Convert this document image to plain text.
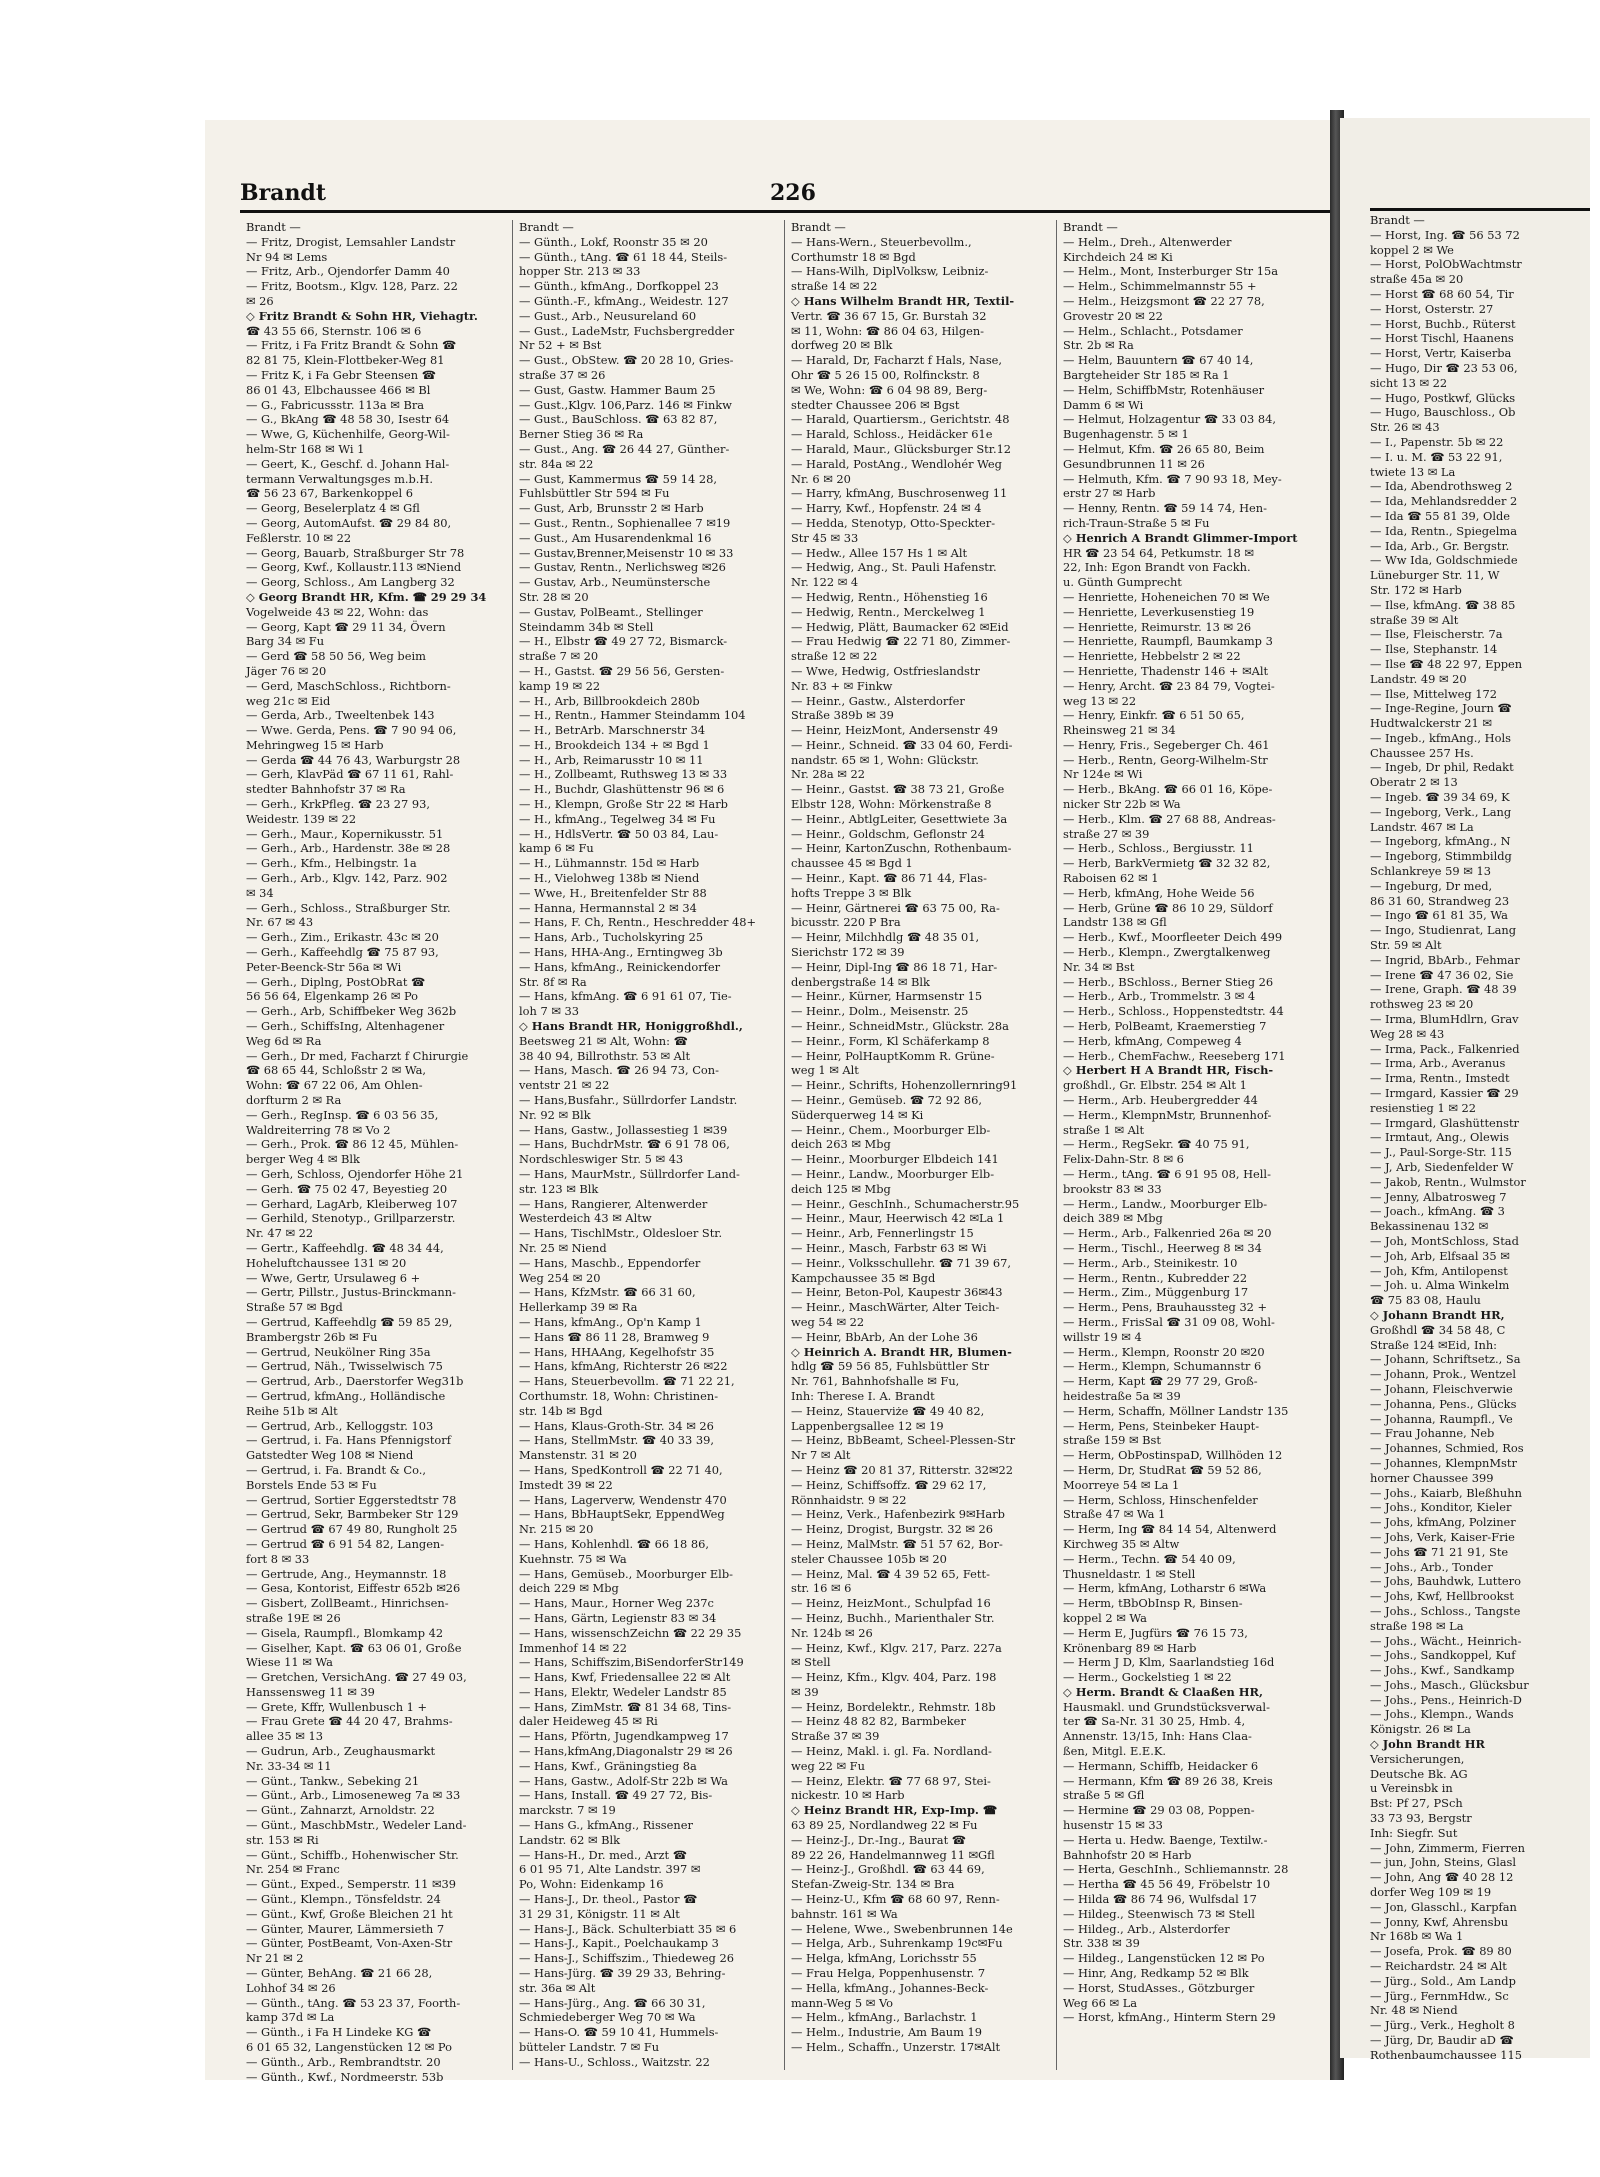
Brandt	226
Brandt —
— Fritz, Drogist, Lemsahler Landstr
Nr 94 ✉ Lems
— Fritz, Arb., Ojendorfer Damm 40
— Fritz, Bootsm., Klgv. 128, Parz. 22
✉ 26
◇ Fritz Brandt & Sohn HR, Viehagtr.
☎ 43 55 66, Sternstr. 106 ✉ 6
— Fritz, i Fa Fritz Brandt & Sohn ☎
82 81 75, Klein-Flottbeker-Weg 81
— Fritz K, i Fa Gebr Steensen ☎
86 01 43, Elbchaussee 466 ✉ Bl
— G., Fabricussstr. 113a ✉ Bra
— G., BkAng ☎ 48 58 30, Isestr 64
— Wwe, G, Küchenhilfe, Georg-Wil-
helm-Str 168 ✉ Wi 1
— Geert, K., Geschf. d. Johann Hal-
termann Verwaltungsges m.b.H.
☎ 56 23 67, Barkenkoppel 6
— Georg, Beselerplatz 4 ✉ Gfl
— Georg, AutomAufst. ☎ 29 84 80,
Feßlerstr. 10 ✉ 22
— Georg, Bauarb, Straßburger Str 78
— Georg, Kwf., Kollaustr.113 ✉Niend
— Georg, Schloss., Am Langberg 32
◇ Georg Brandt HR, Kfm. ☎ 29 29 34
Vogelweide 43 ✉ 22, Wohn: das
— Georg, Kapt ☎ 29 11 34, Övern
Barg 34 ✉ Fu
— Gerd ☎ 58 50 56, Weg beim
Jäger 76 ✉ 20
— Gerd, MaschSchloss., Richtborn-
weg 21c ✉ Eid
— Gerda, Arb., Tweeltenbek 143
— Wwe. Gerda, Pens. ☎ 7 90 94 06,
Mehringweg 15 ✉ Harb
— Gerda ☎ 44 76 43, Warburgstr 28
— Gerh, KlavPäd ☎ 67 11 61, Rahl-
stedter Bahnhofstr 37 ✉ Ra
— Gerh., KrkPfleg. ☎ 23 27 93,
Weidestr. 139 ✉ 22
— Gerh., Maur., Kopernikusstr. 51
— Gerh., Arb., Hardenstr. 38e ✉ 28
— Gerh., Kfm., Helbingstr. 1a
— Gerh., Arb., Klgv. 142, Parz. 902
✉ 34
— Gerh., Schloss., Straßburger Str.
Nr. 67 ✉ 43
— Gerh., Zim., Erikastr. 43c ✉ 20
— Gerh., Kaffeehdlg ☎ 75 87 93,
Peter-Beenck-Str 56a ✉ Wi
— Gerh., Diplng, PostObRat ☎
56 56 64, Elgenkamp 26 ✉ Po
— Gerh., Arb, Schiffbeker Weg 362b
— Gerh., SchiffsIng, Altenhagener
Weg 6d ✉ Ra
— Gerh., Dr med, Facharzt f Chirurgie
☎ 68 65 44, Schloßstr 2 ✉ Wa,
Wohn: ☎ 67 22 06, Am Ohlen-
dorfturm 2 ✉ Ra
— Gerh., RegInsp. ☎ 6 03 56 35,
Waldreiterring 78 ✉ Vo 2
— Gerh., Prok. ☎ 86 12 45, Mühlen-
berger Weg 4 ✉ Blk
— Gerh, Schloss, Ojendorfer Höhe 21
— Gerh. ☎ 75 02 47, Beyestieg 20
— Gerhard, LagArb, Kleiberweg 107
— Gerhild, Stenotyp., Grillparzerstr.
Nr. 47 ✉ 22
— Gertr., Kaffeehdlg. ☎ 48 34 44,
Hoheluftchaussee 131 ✉ 20
— Wwe, Gertr, Ursulaweg 6 +
— Gertr, Pillstr., Justus-Brinckmann-
Straße 57 ✉ Bgd
— Gertrud, Kaffeehdlg ☎ 59 85 29,
Brambergstr 26b ✉ Fu
— Gertrud, Neukölner Ring 35a
— Gertrud, Näh., Twisselwisch 75
— Gertrud, Arb., Daerstorfer Weg31b
— Gertrud, kfmAng., Holländische
Reihe 51b ✉ Alt
— Gertrud, Arb., Kelloggstr. 103
— Gertrud, i. Fa. Hans Pfennigstorf
Gatstedter Weg 108 ✉ Niend
— Gertrud, i. Fa. Brandt & Co.,
Borstels Ende 53 ✉ Fu
— Gertrud, Sortier Eggerstedtstr 78
— Gertrud, Sekr, Barmbeker Str 129
— Gertrud ☎ 67 49 80, Rungholt 25
— Gertrud ☎ 6 91 54 82, Langen-
fort 8 ✉ 33
— Gertrude, Ang., Heymannstr. 18
— Gesa, Kontorist, Eiffestr 652b ✉26
— Gisbert, ZollBeamt., Hinrichsen-
straße 19E ✉ 26
— Gisela, Raumpfl., Blomkamp 42
— Giselher, Kapt. ☎ 63 06 01, Große
Wiese 11 ✉ Wa
— Gretchen, VersichAng. ☎ 27 49 03,
Hanssensweg 11 ✉ 39
— Grete, Kffr, Wullenbusch 1 +
— Frau Grete ☎ 44 20 47, Brahms-
allee 35 ✉ 13
— Gudrun, Arb., Zeughausmarkt
Nr. 33-34 ✉ 11
— Günt., Tankw., Sebeking 21
— Günt., Arb., Limoseneweg 7a ✉ 33
— Günt., Zahnarzt, Arnoldstr. 22
— Günt., MaschbMstr., Wedeler Land-
str. 153 ✉ Ri
— Günt., Schiffb., Hohenwischer Str.
Nr. 254 ✉ Franc
— Günt., Exped., Semperstr. 11 ✉39
— Günt., Klempn., Tönsfeldstr. 24
— Günt., Kwf, Große Bleichen 21 ht
— Günter, Maurer, Lämmersieth 7
— Günter, PostBeamt, Von-Axen-Str
Nr 21 ✉ 2
— Günter, BehAng. ☎ 21 66 28,
Lohhof 34 ✉ 26
— Günth., tAng. ☎ 53 23 37, Foorth-
kamp 37d ✉ La
— Günth., i Fa H Lindeke KG ☎
6 01 65 32, Langenstücken 12 ✉ Po
— Günth., Arb., Rembrandtstr. 20
— Günth., Kwf., Nordmeerstr. 53b
Brandt —
— Günth., Lokf, Roonstr 35 ✉ 20
— Günth., tAng. ☎ 61 18 44, Steils-
hopper Str. 213 ✉ 33
— Günth., kfmAng., Dorfkoppel 23
— Günth.-F., kfmAng., Weidestr. 127
— Gust., Arb., Neusureland 60
— Gust., LadeMstr, Fuchsbergredder
Nr 52 + ✉ Bst
— Gust., ObStew. ☎ 20 28 10, Gries-
straße 37 ✉ 26
— Gust, Gastw. Hammer Baum 25
— Gust.,Klgv. 106,Parz. 146 ✉ Finkw
— Gust., BauSchloss. ☎ 63 82 87,
Berner Stieg 36 ✉ Ra
— Gust., Ang. ☎ 26 44 27, Günther-
str. 84a ✉ 22
— Gust, Kammermus ☎ 59 14 28,
Fuhlsbüttler Str 594 ✉ Fu
— Gust, Arb, Brunsstr 2 ✉ Harb
— Gust., Rentn., Sophienallee 7 ✉19
— Gust., Am Husarendenkmal 16
— Gustav,Brenner,Meisenstr 10 ✉ 33
— Gustav, Rentn., Nerlichsweg ✉26
— Gustav, Arb., Neumünstersche
Str. 28 ✉ 20
— Gustav, PolBeamt., Stellinger
Steindamm 34b ✉ Stell
— H., Elbstr ☎ 49 27 72, Bismarck-
straße 7 ✉ 20
— H., Gastst. ☎ 29 56 56, Gersten-
kamp 19 ✉ 22
— H., Arb, Billbrookdeich 280b
— H., Rentn., Hammer Steindamm 104
— H., BetrArb. Marschnerstr 34
— H., Brookdeich 134 + ✉ Bgd 1
— H., Arb, Reimarusstr 10 ✉ 11
— H., Zollbeamt, Ruthsweg 13 ✉ 33
— H., Buchdr, Glashüttenstr 96 ✉ 6
— H., Klempn, Große Str 22 ✉ Harb
— H., kfmAng., Tegelweg 34 ✉ Fu
— H., HdlsVertr. ☎ 50 03 84, Lau-
kamp 6 ✉ Fu
— H., Lühmannstr. 15d ✉ Harb
— H., Vielohweg 138b ✉ Niend
— Wwe, H., Breitenfelder Str 88
— Hanna, Hermannstal 2 ✉ 34
— Hans, F. Ch, Rentn., Heschredder 48+
— Hans, Arb., Tucholskyring 25
— Hans, HHA-Ang., Erntingweg 3b
— Hans, kfmAng., Reinickendorfer
Str. 8f ✉ Ra
— Hans, kfmAng. ☎ 6 91 61 07, Tie-
loh 7 ✉ 33
◇ Hans Brandt HR, Honiggroßhdl.,
Beetsweg 21 ✉ Alt, Wohn: ☎
38 40 94, Billrothstr. 53 ✉ Alt
— Hans, Masch. ☎ 26 94 73, Con-
ventstr 21 ✉ 22
— Hans,Busfahr., Süllrdorfer Landstr.
Nr. 92 ✉ Blk
— Hans, Gastw., Jollassestieg 1 ✉39
— Hans, BuchdrMstr. ☎ 6 91 78 06,
Nordschleswiger Str. 5 ✉ 43
— Hans, MaurMstr., Süllrdorfer Land-
str. 123 ✉ Blk
— Hans, Rangierer, Altenwerder
Westerdeich 43 ✉ Altw
— Hans, TischlMstr., Oldesloer Str.
Nr. 25 ✉ Niend
— Hans, Maschb., Eppendorfer
Weg 254 ✉ 20
— Hans, KfzMstr. ☎ 66 31 60,
Hellerkamp 39 ✉ Ra
— Hans, kfmAng., Op'n Kamp 1
— Hans ☎ 86 11 28, Bramweg 9
— Hans, HHAAng, Kegelhofstr 35
— Hans, kfmAng, Richterstr 26 ✉22
— Hans, Steuerbevollm. ☎ 71 22 21,
Corthumstr. 18, Wohn: Christinen-
str. 14b ✉ Bgd
— Hans, Klaus-Groth-Str. 34 ✉ 26
— Hans, StellmMstr. ☎ 40 33 39,
Manstenstr. 31 ✉ 20
— Hans, SpedKontroll ☎ 22 71 40,
Imstedt 39 ✉ 22
— Hans, Lagerverw, Wendenstr 470
— Hans, BbHauptSekr, EppendWeg
Nr. 215 ✉ 20
— Hans, Kohlenhdl. ☎ 66 18 86,
Kuehnstr. 75 ✉ Wa
— Hans, Gemüseb., Moorburger Elb-
deich 229 ✉ Mbg
— Hans, Maur., Horner Weg 237c
— Hans, Gärtn, Legienstr 83 ✉ 34
— Hans, wissenschZeichn ☎ 22 29 35
Immenhof 14 ✉ 22
— Hans, Schiffszim,BiSendorferStr149
— Hans, Kwf, Friedensallee 22 ✉ Alt
— Hans, Elektr, Wedeler Landstr 85
— Hans, ZimMstr. ☎ 81 34 68, Tins-
daler Heideweg 45 ✉ Ri
— Hans, Pförtn, Jugendkampweg 17
— Hans,kfmAng,Diagonalstr 29 ✉ 26
— Hans, Kwf., Gräningstieg 8a
— Hans, Gastw., Adolf-Str 22b ✉ Wa
— Hans, Install. ☎ 49 27 72, Bis-
marckstr. 7 ✉ 19
— Hans G., kfmAng., Rissener
Landstr. 62 ✉ Blk
— Hans-H., Dr. med., Arzt ☎
6 01 95 71, Alte Landstr. 397 ✉
Po, Wohn: Eidenkamp 16
— Hans-J., Dr. theol., Pastor ☎
31 29 31, Königstr. 11 ✉ Alt
— Hans-J., Bäck. Schulterbiatt 35 ✉ 6
— Hans-J., Kapit., Poelchaukamp 3
— Hans-J., Schiffszim., Thiedeweg 26
— Hans-Jürg. ☎ 39 29 33, Behring-
str. 36a ✉ Alt
— Hans-Jürg., Ang. ☎ 66 30 31,
Schmiedeberger Weg 70 ✉ Wa
— Hans-O. ☎ 59 10 41, Hummels-
bütteler Landstr. 7 ✉ Fu
— Hans-U., Schloss., Waitzstr. 22
Brandt —
— Hans-Wern., Steuerbevollm.,
Corthumstr 18 ✉ Bgd
— Hans-Wilh, DiplVolksw, Leibniz-
straße 14 ✉ 22
◇ Hans Wilhelm Brandt HR, Textil-
Vertr. ☎ 36 67 15, Gr. Burstah 32
✉ 11, Wohn: ☎ 86 04 63, Hilgen-
dorfweg 20 ✉ Blk
— Harald, Dr, Facharzt f Hals, Nase,
Ohr ☎ 5 26 15 00, Rolfinckstr. 8
✉ We, Wohn: ☎ 6 04 98 89, Berg-
stedter Chaussee 206 ✉ Bgst
— Harald, Quartiersm., Gerichtstr. 48
— Harald, Schloss., Heidäcker 61e
— Harald, Maur., Glücksburger Str.12
— Harald, PostAng., Wendlohér Weg
Nr. 6 ✉ 20
— Harry, kfmAng, Buschrosenweg 11
— Harry, Kwf., Hopfenstr. 24 ✉ 4
— Hedda, Stenotyp, Otto-Speckter-
Str 45 ✉ 33
— Hedw., Allee 157 Hs 1 ✉ Alt
— Hedwig, Ang., St. Pauli Hafenstr.
Nr. 122 ✉ 4
— Hedwig, Rentn., Höhenstieg 16
— Hedwig, Rentn., Merckelweg 1
— Hedwig, Plätt, Baumacker 62 ✉Eid
— Frau Hedwig ☎ 22 71 80, Zimmer-
straße 12 ✉ 22
— Wwe, Hedwig, Ostfrieslandstr
Nr. 83 + ✉ Finkw
— Heinr., Gastw., Alsterdorfer
Straße 389b ✉ 39
— Heinr, HeizMont, Andersenstr 49
— Heinr., Schneid. ☎ 33 04 60, Ferdi-
nandstr. 65 ✉ 1, Wohn: Glückstr.
Nr. 28a ✉ 22
— Heinr., Gastst. ☎ 38 73 21, Große
Elbstr 128, Wohn: Mörkenstraße 8
— Heinr., AbtlgLeiter, Gesettwiete 3a
— Heinr., Goldschm, Geflonstr 24
— Heinr, KartonZuschn, Rothenbaum-
chaussee 45 ✉ Bgd 1
— Heinr., Kapt. ☎ 86 71 44, Flas-
hofts Treppe 3 ✉ Blk
— Heinr, Gärtnerei ☎ 63 75 00, Ra-
bicusstr. 220 P Bra
— Heinr, Milchhdlg ☎ 48 35 01,
Sierichstr 172 ✉ 39
— Heinr, Dipl-Ing ☎ 86 18 71, Har-
denbergstraße 14 ✉ Blk
— Heinr., Kürner, Harmsenstr 15
— Heinr., Dolm., Meisenstr. 25
— Heinr., SchneidMstr., Glückstr. 28a
— Heinr., Form, Kl Schäferkamp 8
— Heinr, PolHauptKomm R. Grüne-
weg 1 ✉ Alt
— Heinr., Schrifts, Hohenzollernring91
— Heinr., Gemüseb. ☎ 72 92 86,
Süderquerweg 14 ✉ Ki
— Heinr., Chem., Moorburger Elb-
deich 263 ✉ Mbg
— Heinr., Moorburger Elbdeich 141
— Heinr., Landw., Moorburger Elb-
deich 125 ✉ Mbg
— Heinr., GeschInh., Schumacherstr.95
— Heinr., Maur, Heerwisch 42 ✉La 1
— Heinr., Arb, Fennerlingstr 15
— Heinr., Masch, Farbstr 63 ✉ Wi
— Heinr., Volksschullehr. ☎ 71 39 67,
Kampchaussee 35 ✉ Bgd
— Heinr, Beton-Pol, Kaupestr 36✉43
— Heinr., MaschWärter, Alter Teich-
weg 54 ✉ 22
— Heinr, BbArb, An der Lohe 36
◇ Heinrich A. Brandt HR, Blumen-
hdlg ☎ 59 56 85, Fuhlsbüttler Str
Nr. 761, Bahnhofshalle ✉ Fu,
Inh: Therese I. A. Brandt
— Heinz, Stauerviże ☎ 49 40 82,
Lappenbergsallee 12 ✉ 19
— Heinz, BbBeamt, Scheel-Plessen-Str
Nr 7 ✉ Alt
— Heinz ☎ 20 81 37, Ritterstr. 32✉22
— Heinz, Schiffsoffz. ☎ 29 62 17,
Rönnhaidstr. 9 ✉ 22
— Heinz, Verk., Hafenbezirk 9✉Harb
— Heinz, Drogist, Burgstr. 32 ✉ 26
— Heinz, MalMstr. ☎ 51 57 62, Bor-
steler Chaussee 105b ✉ 20
— Heinz, Mal. ☎ 4 39 52 65, Fett-
str. 16 ✉ 6
— Heinz, HeizMont., Schulpfad 16
— Heinz, Buchh., Marienthaler Str.
Nr. 124b ✉ 26
— Heinz, Kwf., Klgv. 217, Parz. 227a
✉ Stell
— Heinz, Kfm., Klgv. 404, Parz. 198
✉ 39
— Heinz, Bordelektr., Rehmstr. 18b
— Heinz 48 82 82, Barmbeker
Straße 37 ✉ 39
— Heinz, Makl. i. gl. Fa. Nordland-
weg 22 ✉ Fu
— Heinz, Elektr. ☎ 77 68 97, Stei-
nickestr. 10 ✉ Harb
◇ Heinz Brandt HR, Exp-Imp. ☎
63 89 25, Nordlandweg 22 ✉ Fu
— Heinz-J., Dr.-Ing., Baurat ☎
89 22 26, Handelmannweg 11 ✉Gfl
— Heinz-J., Großhdl. ☎ 63 44 69,
Stefan-Zweig-Str. 134 ✉ Bra
— Heinz-U., Kfm ☎ 68 60 97, Renn-
bahnstr. 161 ✉ Wa
— Helene, Wwe., Swebenbrunnen 14e
— Helga, Arb., Suhrenkamp 19c✉Fu
— Helga, kfmAng, Lorichsstr 55
— Frau Helga, Poppenhusenstr. 7
— Hella, kfmAng., Johannes-Beck-
mann-Weg 5 ✉ Vo
— Helm., kfmAng., Barlachstr. 1
— Helm., Industrie, Am Baum 19
— Helm., Schaffn., Unzerstr. 17✉Alt
Brandt —
— Helm., Dreh., Altenwerder
Kirchdeich 24 ✉ Ki
— Helm., Mont, Insterburger Str 15a
— Helm., Schimmelmannstr 55 +
— Helm., Heizgsmont ☎ 22 27 78,
Grovestr 20 ✉ 22
— Helm., Schlacht., Potsdamer
Str. 2b ✉ Ra
— Helm, Bauuntern ☎ 67 40 14,
Bargteheider Str 185 ✉ Ra 1
— Helm, SchiffbMstr, Rotenhäuser
Damm 6 ✉ Wi
— Helmut, Holzagentur ☎ 33 03 84,
Bugenhagenstr. 5 ✉ 1
— Helmut, Kfm. ☎ 26 65 80, Beim
Gesundbrunnen 11 ✉ 26
— Helmuth, Kfm. ☎ 7 90 93 18, Mey-
erstr 27 ✉ Harb
— Henny, Rentn. ☎ 59 14 74, Hen-
rich-Traun-Straße 5 ✉ Fu
◇ Henrich A Brandt Glimmer-Import
HR ☎ 23 54 64, Petkumstr. 18 ✉
22, Inh: Egon Brandt von Fackh.
u. Günth Gumprecht
— Henriette, Hoheneichen 70 ✉ We
— Henriette, Leverkusenstieg 19
— Henriette, Reimurstr. 13 ✉ 26
— Henriette, Raumpfl, Baumkamp 3
— Henriette, Hebbelstr 2 ✉ 22
— Henriette, Thadenstr 146 + ✉Alt
— Henry, Archt. ☎ 23 84 79, Vogtei-
weg 13 ✉ 22
— Henry, Einkfr. ☎ 6 51 50 65,
Rheinsweg 21 ✉ 34
— Henry, Fris., Segeberger Ch. 461
— Herb., Rentn, Georg-Wilhelm-Str
Nr 124e ✉ Wi
— Herb., BkAng. ☎ 66 01 16, Köpe-
nicker Str 22b ✉ Wa
— Herb., Klm. ☎ 27 68 88, Andreas-
straße 27 ✉ 39
— Herb., Schloss., Bergiusstr. 11
— Herb, BarkVermietg ☎ 32 32 82,
Raboisen 62 ✉ 1
— Herb, kfmAng, Hohe Weide 56
— Herb, Grüne ☎ 86 10 29, Süldorf
Landstr 138 ✉ Gfl
— Herb., Kwf., Moorfleeter Deich 499
— Herb., Klempn., Zwergtalkenweg
Nr. 34 ✉ Bst
— Herb., BSchloss., Berner Stieg 26
— Herb., Arb., Trommelstr. 3 ✉ 4
— Herb., Schloss., Hoppenstedtstr. 44
— Herb, PolBeamt, Kraemerstieg 7
— Herb, kfmAng, Compeweg 4
— Herb., ChemFachw., Reeseberg 171
◇ Herbert H A Brandt HR, Fisch-
großhdl., Gr. Elbstr. 254 ✉ Alt 1
— Herm., Arb. Heubergredder 44
— Herm., KlempnMstr, Brunnenhof-
straße 1 ✉ Alt
— Herm., RegSekr. ☎ 40 75 91,
Felix-Dahn-Str. 8 ✉ 6
— Herm., tAng. ☎ 6 91 95 08, Hell-
brookstr 83 ✉ 33
— Herm., Landw., Moorburger Elb-
deich 389 ✉ Mbg
— Herm., Arb., Falkenried 26a ✉ 20
— Herm., Tischl., Heerweg 8 ✉ 34
— Herm., Arb., Steinikestr. 10
— Herm., Rentn., Kubredder 22
— Herm., Zim., Müggenburg 17
— Herm., Pens, Brauhaussteg 32 +
— Herm., FrisSal ☎ 31 09 08, Wohl-
willstr 19 ✉ 4
— Herm., Klempn, Roonstr 20 ✉20
— Herm., Klempn, Schumannstr 6
— Herm, Kapt ☎ 29 77 29, Groß-
heidestraße 5a ✉ 39
— Herm, Schaffn, Möllner Landstr 135
— Herm, Pens, Steinbeker Haupt-
straße 159 ✉ Bst
— Herm, ObPostinspaD, Willhöden 12
— Herm, Dr, StudRat ☎ 59 52 86,
Moorreye 54 ✉ La 1
— Herm, Schloss, Hinschenfelder
Straße 47 ✉ Wa 1
— Herm, Ing ☎ 84 14 54, Altenwerd
Kirchweg 35 ✉ Altw
— Herm., Techn. ☎ 54 40 09,
Thusneldastr. 1 ✉ Stell
— Herm, kfmAng, Lotharstr 6 ✉Wa
— Herm, tBbObInsp R, Binsen-
koppel 2 ✉ Wa
— Herm E, Jugfürs ☎ 76 15 73,
Krönenbarg 89 ✉ Harb
— Herm J D, Klm, Saarlandstieg 16d
— Herm., Gockelstieg 1 ✉ 22
◇ Herm. Brandt & Claaßen HR,
Hausmakl. und Grundstücksverwal-
ter ☎ Sa-Nr. 31 30 25, Hmb. 4,
Annenstr. 13/15, Inh: Hans Claa-
ßen, Mitgl. E.E.K.
— Hermann, Schiffb, Heidacker 6
— Hermann, Kfm ☎ 89 26 38, Kreis
straße 5 ✉ Gfl
— Hermine ☎ 29 03 08, Poppen-
husenstr 15 ✉ 33
— Herta u. Hedw. Baenge, Textilw.-
Bahnhofstr 20 ✉ Harb
— Herta, GeschInh., Schliemannstr. 28
— Hertha ☎ 45 56 49, Fröbelstr 10
— Hilda ☎ 86 74 96, Wulfsdal 17
— Hildeg., Steenwisch 73 ✉ Stell
— Hildeg., Arb., Alsterdorfer
Str. 338 ✉ 39
— Hildeg., Langenstücken 12 ✉ Po
— Hinr, Ang, Redkamp 52 ✉ Blk
— Horst, StudAsses., Götzburger
Weg 66 ✉ La
— Horst, kfmAng., Hinterm Stern 29
Brandt —
— Horst, Ing. ☎ 56 53 72
koppel 2 ✉ We
— Horst, PolObWachtmstr
straße 45a ✉ 20
— Horst ☎ 68 60 54, Tir
— Horst, Osterstr. 27
— Horst, Buchb., Rüterst
— Horst Tischl, Haanens
— Horst, Vertr, Kaiserba
— Hugo, Dir ☎ 23 53 06,
sicht 13 ✉ 22
— Hugo, Postkwf, Glücks
— Hugo, Bauschloss., Ob
Str. 26 ✉ 43
— I., Papenstr. 5b ✉ 22
— I. u. M. ☎ 53 22 91,
twiete 13 ✉ La
— Ida, Abendrothsweg 2
— Ida, Mehlandsredder 2
— Ida ☎ 55 81 39, Olde
— Ida, Rentn., Spiegelma
— Ida, Arb., Gr. Bergstr.
— Ww Ida, Goldschmiede
Lüneburger Str. 11, W
Str. 172 ✉ Harb
— Ilse, kfmAng. ☎ 38 85
straße 39 ✉ Alt
— Ilse, Fleischerstr. 7a
— Ilse, Stephanstr. 14
— Ilse ☎ 48 22 97, Eppen
Landstr. 49 ✉ 20
— Ilse, Mittelweg 172
— Inge-Regine, Journ ☎
Hudtwalckerstr 21 ✉
— Ingeb., kfmAng., Hols
Chaussee 257 Hs.
— Ingeb, Dr phil, Redakt
Oberatr 2 ✉ 13
— Ingeb. ☎ 39 34 69, K
— Ingeborg, Verk., Lang
Landstr. 467 ✉ La
— Ingeborg, kfmAng., N
— Ingeborg, Stimmbildg
Schlankreye 59 ✉ 13
— Ingeburg, Dr med,
86 31 60, Strandweg 23
— Ingo ☎ 61 81 35, Wa
— Ingo, Studienrat, Lang
Str. 59 ✉ Alt
— Ingrid, BbArb., Fehmar
— Irene ☎ 47 36 02, Sie
— Irene, Graph. ☎ 48 39
rothsweg 23 ✉ 20
— Irma, BlumHdlrn, Grav
Weg 28 ✉ 43
— Irma, Pack., Falkenried
— Irma, Arb., Averanus
— Irma, Rentn., Imstedt
— Irmgard, Kassier ☎ 29
resienstieg 1 ✉ 22
— Irmgard, Glashüttenstr
— Irmtaut, Ang., Olewis
— J., Paul-Sorge-Str. 115
— J, Arb, Siedenfelder W
— Jakob, Rentn., Wulmstor
— Jenny, Albatrosweg 7
— Joach., kfmAng. ☎ 3
Bekassinenau 132 ✉
— Joh, MontSchloss, Stad
— Joh, Arb, Elfsaal 35 ✉
— Joh, Kfm, Antilopenst
— Joh. u. Alma Winkelm
☎ 75 83 08, Haulu
◇ Johann Brandt HR,
Großhdl ☎ 34 58 48, C
Straße 124 ✉Eid, Inh:
— Johann, Schriftsetz., Sa
— Johann, Prok., Wentzel
— Johann, Fleischverwie
— Johanna, Pens., Glücks
— Johanna, Raumpfl., Ve
— Frau Johanne, Neb
— Johannes, Schmied, Ros
— Johannes, KlempnMstr
horner Chaussee 399
— Johs., Kaiarb, Bleßhuhn
— Johs., Konditor, Kieler
— Johs, kfmAng, Polziner
— Johs, Verk, Kaiser-Frie
— Johs ☎ 71 21 91, Ste
— Johs., Arb., Tonder
— Johs, Bauhdwk, Luttero
— Johs, Kwf, Hellbrookst
— Johs., Schloss., Tangste
straße 198 ✉ La
— Johs., Wächt., Heinrich-
— Johs., Sandkoppel, Kuf
— Johs., Kwf., Sandkamp
— Johs., Masch., Glücksbur
— Johs., Pens., Heinrich-D
— Johs., Klempn., Wands
Königstr. 26 ✉ La
◇ John Brandt HR
Versicherungen,
Deutsche Bk. AG
u Vereinsbk in
Bst: Pf 27, PSch
33 73 93, Bergstr
Inh: Siegfr. Sut
— John, Zimmerm, Fierren
— jun, John, Steins, Glasl
— John, Ang ☎ 40 28 12
dorfer Weg 109 ✉ 19
— Jon, Glasschl., Karpfan
— Jonny, Kwf, Ahrensbu
Nr 168b ✉ Wa 1
— Josefa, Prok. ☎ 89 80
— Reichardstr. 24 ✉ Alt
— Jürg., Sold., Am Landp
— Jürg., FernmHdw., Sc
Nr. 48 ✉ Niend
— Jürg., Verk., Hegholt 8
— Jürg, Dr, Baudir aD ☎
Rothenbaumchaussee 115
